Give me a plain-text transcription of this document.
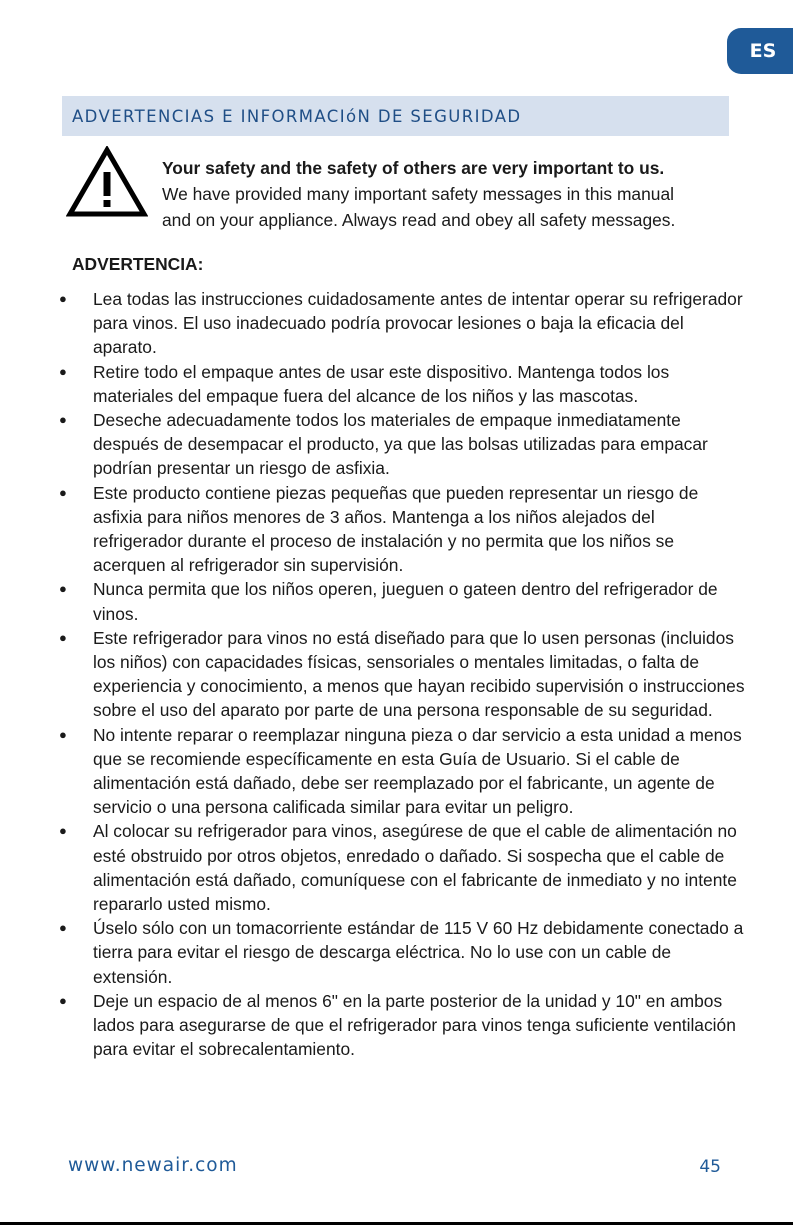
ES
ADVERTENCIAS E INFORMACIóN DE SEGURIDAD
Your safety and the safety of others are very important to us.
We have provided many important safety messages in this manual
and on your appliance. Always read and obey all safety messages.
ADVERTENCIA:
● Lea todas las instrucciones cuidadosamente antes de intentar operar su refrigerador para vinos. El uso inadecuado podría provocar lesiones o baja la eficacia del aparato.
● Retire todo el empaque antes de usar este dispositivo. Mantenga todos los materiales del empaque fuera del alcance de los niños y las mascotas.
● Deseche adecuadamente todos los materiales de empaque inmediatamente después de desempacar el producto, ya que las bolsas utilizadas para empacar podrían presentar un riesgo de asfixia.
● Este producto contiene piezas pequeñas que pueden representar un riesgo de asfixia para niños menores de 3 años. Mantenga a los niños alejados del refrigerador durante el proceso de instalación y no permita que los niños se acerquen al refrigerador sin supervisión.
● Nunca permita que los niños operen, jueguen o gateen dentro del refrigerador de vinos.
● Este refrigerador para vinos no está diseñado para que lo usen personas (incluidos los niños) con capacidades físicas, sensoriales o mentales limitadas, o falta de experiencia y conocimiento, a menos que hayan recibido supervisión o instrucciones sobre el uso del aparato por parte de una persona responsable de su seguridad.
● No intente reparar o reemplazar ninguna pieza o dar servicio a esta unidad a menos que se recomiende específicamente en esta Guía de Usuario. Si el cable de alimentación está dañado, debe ser reemplazado por el fabricante, un agente de servicio o una persona calificada similar para evitar un peligro.
● Al colocar su refrigerador para vinos, asegúrese de que el cable de alimentación no esté obstruido por otros objetos, enredado o dañado. Si sospecha que el cable de alimentación está dañado, comuníquese con el fabricante de inmediato y no intente repararlo usted mismo.
● Úselo sólo con un tomacorriente estándar de 115 V 60 Hz debidamente conectado a tierra para evitar el riesgo de descarga eléctrica. No lo use con un cable de extensión.
● Deje un espacio de al menos 6" en la parte posterior de la unidad y 10" en ambos lados para asegurarse de que el refrigerador para vinos tenga suficiente ventilación para evitar el sobrecalentamiento.
www.newair.com	45
